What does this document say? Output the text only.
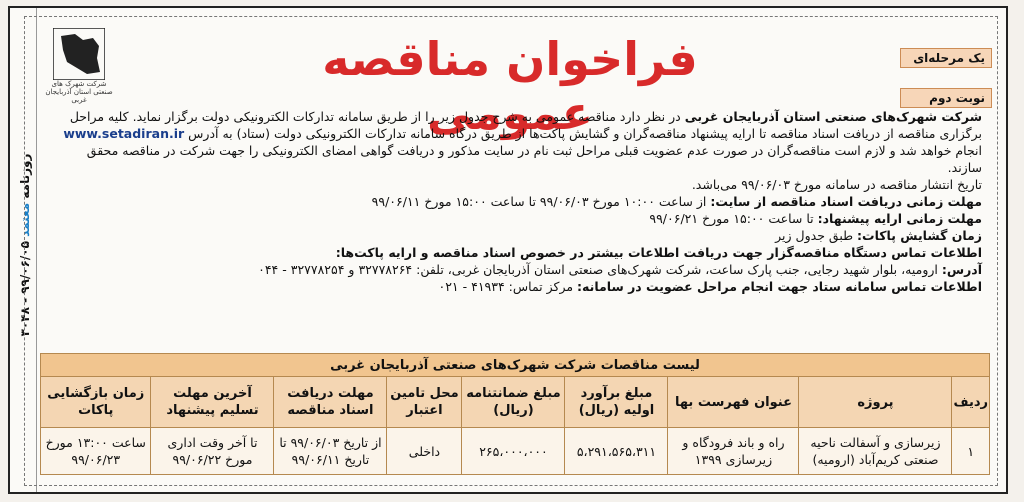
روزنامه معتمد ۹۹/۰۶/۰۵ - ۳۰۴۸
شرکت شهرک های صنعتی استان آذربایجان غربی
فراخوان مناقصه عمومی
یک مرحله‌ای
نوبت دوم

شرکت شهرک‌های صنعتی استان آذربایجان غربی در نظر دارد مناقصه عمومی به شرح جدول زیر را از طریق سامانه تدارکات الکترونیکی دولت برگزار نماید. کلیه مراحل برگزاری مناقصه از دریافت اسناد مناقصه تا ارایه پیشنهاد مناقصه‌گران و گشایش پاکت‌ها از طریق درگاه سامانه تدارکات الکترونیکی دولت (ستاد) به آدرس www.setadiran.ir انجام خواهد شد و لازم است مناقصه‌گران در صورت عدم عضویت قبلی مراحل ثبت نام در سایت مذکور و دریافت گواهی امضای الکترونیکی را جهت شرکت در مناقصه محقق سازند.

تاریخ انتشار مناقصه در سامانه مورخ ۹۹/۰۶/۰۳ می‌باشد.

مهلت زمانی دریافت اسناد مناقصه از سایت: از ساعت ۱۰:۰۰ مورخ ۹۹/۰۶/۰۳ تا ساعت ۱۵:۰۰ مورخ ۹۹/۰۶/۱۱

مهلت زمانی ارایه پیشنهاد: تا ساعت ۱۵:۰۰ مورخ ۹۹/۰۶/۲۱

زمان گشایش پاکات: طبق جدول زیر

اطلاعات تماس دستگاه مناقصه‌گزار جهت دریافت اطلاعات بیشتر در خصوص اسناد مناقصه و ارایه پاکت‌ها:

آدرس: ارومیه، بلوار شهید رجایی، جنب پارک ساعت، شرکت شهرک‌های صنعتی استان آذربایجان غربی، تلفن: ۳۲۷۷۸۲۶۴ و ۳۲۷۷۸۲۵۴ - ۰۴۴

اطلاعات تماس سامانه ستاد جهت انجام مراحل عضویت در سامانه: مرکز تماس: ۴۱۹۳۴ - ۰۲۱

لیست مناقصات شرکت شهرک‌های صنعتی آذربایجان غربی								
ردیف	پروژه	عنوان فهرست بها	مبلغ برآورد اولیه (ریال)	مبلغ ضمانتنامه (ریال)	محل تامین اعتبار	مهلت دریافت اسناد مناقصه	آخرین مهلت تسلیم پیشنهاد	زمان بازگشایی پاکات
۱	زیرسازی و آسفالت ناحیه صنعتی کریم‌آباد (ارومیه)	راه و باند فرودگاه و زیرسازی ۱۳۹۹	۵،۲۹۱،۵۶۵،۳۱۱	۲۶۵،۰۰۰،۰۰۰	داخلی	از تاریخ ۹۹/۰۶/۰۳ تا تاریخ ۹۹/۰۶/۱۱	تا آخر وقت اداری مورخ ۹۹/۰۶/۲۲	ساعت ۱۳:۰۰ مورخ ۹۹/۰۶/۲۳
